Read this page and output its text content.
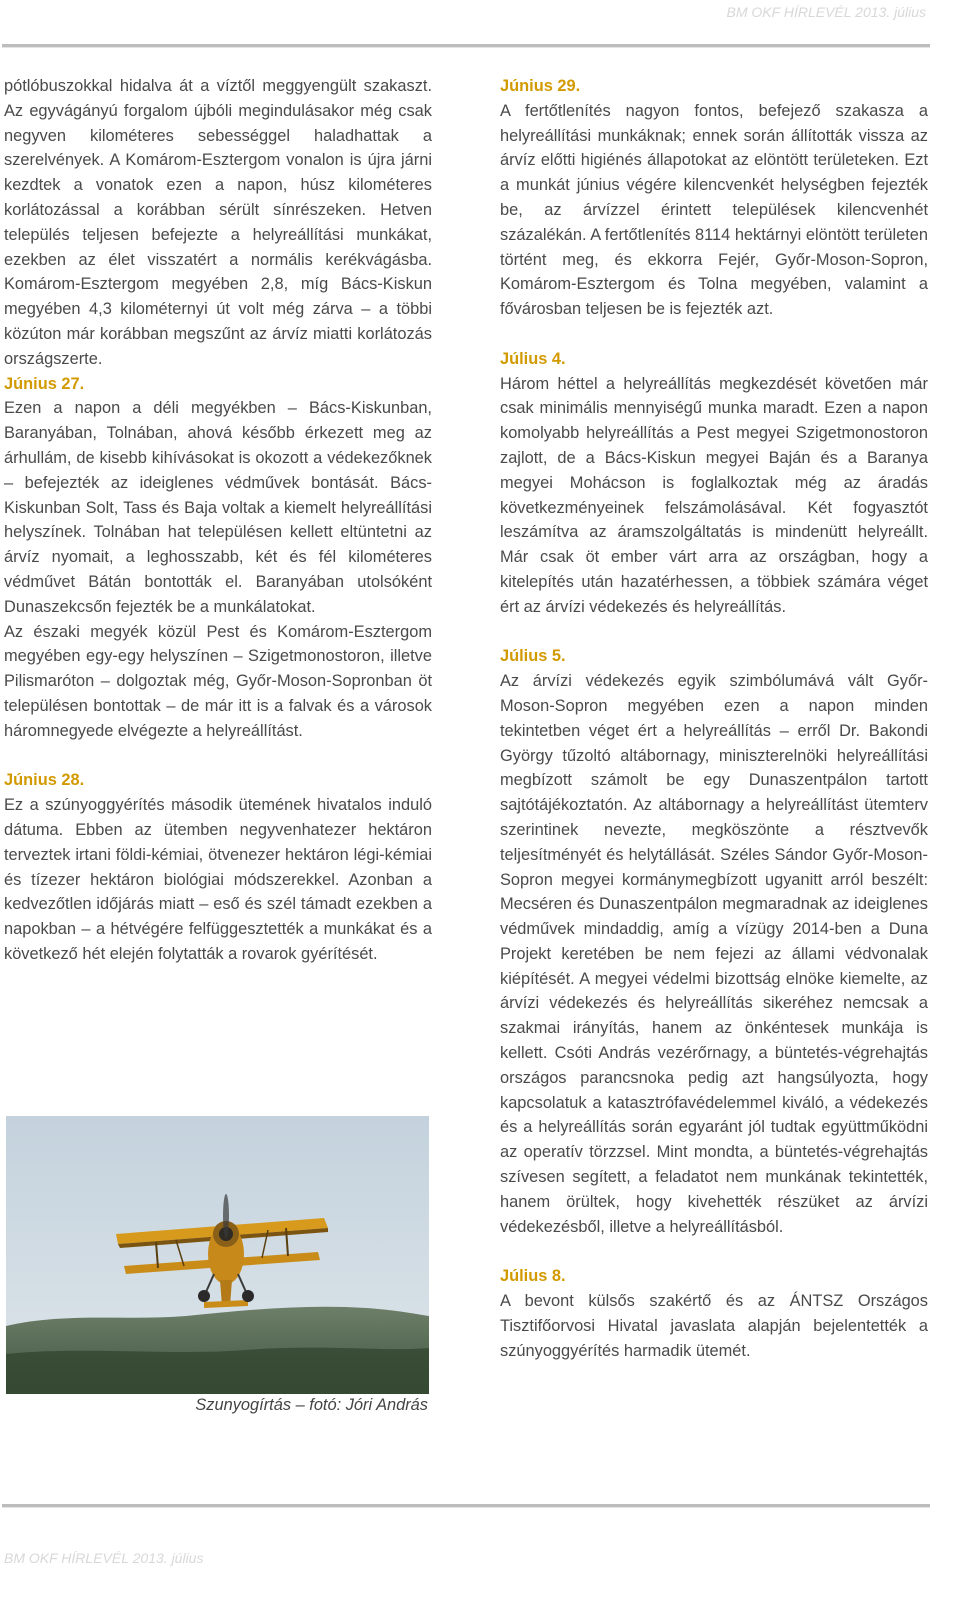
BM OKF HÍRLEVÉL 2013. július

pótlóbuszokkal hidalva át a víztől meggyengült szakaszt. Az egyvágányú forgalom újbóli megindulásakor még csak negyven kilométeres sebességgel haladhattak a szerelvények. A Komárom-Esztergom vonalon is újra járni kezdtek a vonatok ezen a napon, húsz kilométeres korlátozással a korábban sérült sínrészeken. Hetven település teljesen befejezte a helyreállítási munkákat, ezekben az élet visszatért a normális kerékvágásba. Komárom-Esztergom megyében 2,8, míg Bács-Kiskun megyében 4,3 kilométernyi út volt még zárva – a többi közúton már korábban megszűnt az árvíz miatti korlátozás országszerte.

Június 27.

Ezen a napon a déli megyékben – Bács-Kiskunban, Baranyában, Tolnában, ahová később érkezett meg az árhullám, de kisebb kihívásokat is okozott a védekezőknek – befejezték az ideiglenes védművek bontását. Bács-Kiskunban Solt, Tass és Baja voltak a kiemelt helyreállítási helyszínek. Tolnában hat településen kellett eltüntetni az árvíz nyomait, a leghosszabb, két és fél kilométeres védművet Bátán bontották el. Baranyában utolsóként Dunaszekcsőn fejezték be a munkálatokat.

Az északi megyék közül Pest és Komárom-Esztergom megyében egy-egy helyszínen – Szigetmonostoron, illetve Pilismaróton – dolgoztak még, Győr-Moson-Sopronban öt településen bontottak – de már itt is a falvak és a városok háromnegyede elvégezte a helyreállítást.

Június 28.

Ez a szúnyoggyérítés második ütemének hivatalos induló dátuma. Ebben az ütemben negyvenhatezer hektáron terveztek irtani földi-kémiai, ötvenezer hektáron légi-kémiai és tízezer hektáron biológiai módszerekkel. Azonban a kedvezőtlen időjárás miatt – eső és szél támadt ezekben a napokban – a hétvégére felfüggesztették a munkákat és a következő hét elején folytatták a rovarok gyérítését.

Szunyogírtás – fotó: Jóri András

Június 29.

A fertőtlenítés nagyon fontos, befejező szakasza a helyreállítási munkáknak; ennek során állították vissza az árvíz előtti higiénés állapotokat az elöntött területeken. Ezt a munkát június végére kilencvenkét helységben fejezték be, az árvízzel érintett települések kilencvenhét százalékán. A fertőtlenítés 8114 hektárnyi elöntött területen történt meg, és ekkorra Fejér, Győr-Moson-Sopron, Komárom-Esztergom és Tolna megyében, valamint a fővárosban teljesen be is fejezték azt.

Július 4.

Három héttel a helyreállítás megkezdését követően már csak minimális mennyiségű munka maradt. Ezen a napon komolyabb helyreállítás a Pest megyei Szigetmonostoron zajlott, de a Bács-Kiskun megyei Baján és a Baranya megyei Mohácson is foglalkoztak még az áradás következményeinek felszámolásával. Két fogyasztót leszámítva az áramszolgáltatás is mindenütt helyreállt. Már csak öt ember várt arra az országban, hogy a kitelepítés után hazatérhessen, a többiek számára véget ért az árvízi védekezés és helyreállítás.

Július 5.

Az árvízi védekezés egyik szimbólumává vált Győr-Moson-Sopron megyében ezen a napon minden tekintetben véget ért a helyreállítás – erről Dr. Bakondi György tűzoltó altábornagy, miniszterelnöki helyreállítási megbízott számolt be egy Dunaszentpálon tartott sajtótájékoztatón. Az altábornagy a helyreállítást ütemterv szerintinek nevezte, megköszönte a résztvevők teljesítményét és helytállását. Széles Sándor Győr-Moson-Sopron megyei kormánymegbízott ugyanitt arról beszélt: Mecséren és Dunaszentpálon megmaradnak az ideiglenes védművek mindaddig, amíg a vízügy 2014-ben a Duna Projekt keretében be nem fejezi az állami védvonalak kiépítését. A megyei védelmi bizottság elnöke kiemelte, az árvízi védekezés és helyreállítás sikeréhez nemcsak a szakmai irányítás, hanem az önkéntesek munkája is kellett. Csóti András vezérőrnagy, a büntetés-végrehajtás országos parancsnoka pedig azt hangsúlyozta, hogy kapcsolatuk a katasztrófavédelemmel kiváló, a védekezés és a helyreállítás során egyaránt jól tudtak együttműködni az operatív törzzsel. Mint mondta, a büntetés-végrehajtás szívesen segített, a feladatot nem munkának tekintették, hanem örültek, hogy kivehették részüket az árvízi védekezésből, illetve a helyreállításból.

Július 8.

A bevont külsős szakértő és az ÁNTSZ Országos Tisztifőorvosi Hivatal javaslata alapján bejelentették a szúnyoggyérítés harmadik ütemét.

BM OKF HÍRLEVÉL 2013. július
